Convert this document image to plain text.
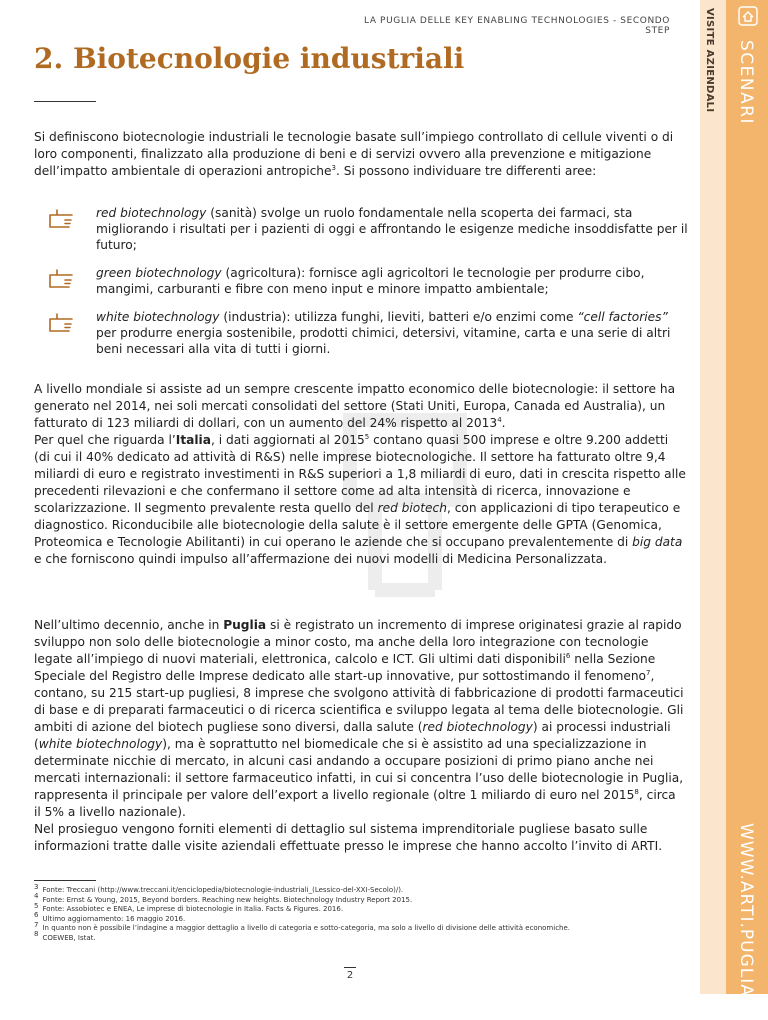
VISITE AZIENDALI SCENARI
WWW.ARTI.PUGLIA.IT
LA PUGLIA DELLE KEY ENABLING TECHNOLOGIES - SECONDO STEP
2. Biotecnologie industriali

Si definiscono biotecnologie industriali le tecnologie basate sull’impiego controllato di cellule viventi o di loro componenti, finalizzato alla produzione di beni e di servizi ovvero alla prevenzione e mitigazione dell’impatto ambientale di operazioni antropiche$^3$. Si possono individuare tre differenti aree:

red biotechnology (sanità) svolge un ruolo fondamentale nella scoperta dei farmaci, sta migliorando i risultati per i pazienti di oggi e affrontando le esigenze mediche insoddisfatte per il futuro;
green biotechnology (agricoltura): fornisce agli agricoltori le tecnologie per produrre cibo, mangimi, carburanti e fibre con meno input e minore impatto ambientale;
white biotechnology (industria): utilizza funghi, lieviti, batteri e/o enzimi come “cell factories” per produrre energia sostenibile, prodotti chimici, detersivi, vitamine, carta e una serie di altri beni necessari alla vita di tutti i giorni.

A livello mondiale si assiste ad un sempre crescente impatto economico delle biotecnologie: il settore ha generato nel 2014, nei soli mercati consolidati del settore (Stati Uniti, Europa, Canada ed Australia), un fatturato di 123 miliardi di dollari, con un aumento del 24% rispetto al 2013$^4$.
Per quel che riguarda l’Italia, i dati aggiornati al 2015$^5$ contano quasi 500 imprese e oltre 9.200 addetti (di cui il 40% dedicato ad attività di R&S) nelle imprese biotecnologiche. Il settore ha fatturato oltre 9,4 miliardi di euro e registrato investimenti in R&S superiori a 1,8 miliardi di euro, dati in crescita rispetto alle precedenti rilevazioni e che confermano il settore come ad alta intensità di ricerca, innovazione e scolarizzazione. Il segmento prevalente resta quello del red biotech, con applicazioni di tipo terapeutico e diagnostico. Riconducibile alle biotecnologie della salute è il settore emergente delle GPTA (Genomica, Proteomica e Tecnologie Abilitanti) in cui operano le aziende che si occupano prevalentemente di big data e che forniscono quindi impulso all’affermazione dei nuovi modelli di Medicina Personalizzata.

Nell’ultimo decennio, anche in Puglia si è registrato un incremento di imprese originatesi grazie al rapido sviluppo non solo delle biotecnologie a minor costo, ma anche della loro integrazione con tecnologie legate all’impiego di nuovi materiali, elettronica, calcolo e ICT. Gli ultimi dati disponibili$^6$ nella Sezione Speciale del Registro delle Imprese dedicato alle start-up innovative, pur sottostimando il fenomeno$^7$, contano, su 215 start-up pugliesi, 8 imprese che svolgono attività di fabbricazione di prodotti farmaceutici di base e di preparati farmaceutici o di ricerca scientifica e sviluppo legata al tema delle biotecnologie. Gli ambiti di azione del biotech pugliese sono diversi, dalla salute (red biotechnology) ai processi industriali (white biotechnology), ma è soprattutto nel biomedicale che si è assistito ad una specializzazione in determinate nicchie di mercato, in alcuni casi andando a occupare posizioni di primo piano anche nei mercati internazionali: il settore farmaceutico infatti, in cui si concentra l’uso delle biotecnologie in Puglia, rappresenta il principale per valore dell’export a livello regionale (oltre 1 miliardo di euro nel 2015$^8$, circa il 5% a livello nazionale).
Nel prosieguo vengono forniti elementi di dettaglio sul sistema imprenditoriale pugliese basato sulle informazioni tratte dalle visite aziendali effettuate presso le imprese che hanno accolto l’invito di ARTI.

$^3$ Fonte: Treccani (http://www.treccani.it/enciclopedia/biotecnologie-industriali_(Lessico-del-XXI-Secolo)/).
$^4$ Fonte: Ernst & Young, 2015, Beyond borders. Reaching new heights. Biotechnology Industry Report 2015.
$^5$ Fonte: Assobiotec e ENEA, Le imprese di biotecnologie in Italia. Facts & Figures. 2016.
$^6$ Ultimo aggiornamento: 16 maggio 2016.
$^7$ In quanto non è possibile l’indagine a maggior dettaglio a livello di categoria e sotto-categoria, ma solo a livello di divisione delle attività economiche.
$^8$ COEWEB, Istat.
2
